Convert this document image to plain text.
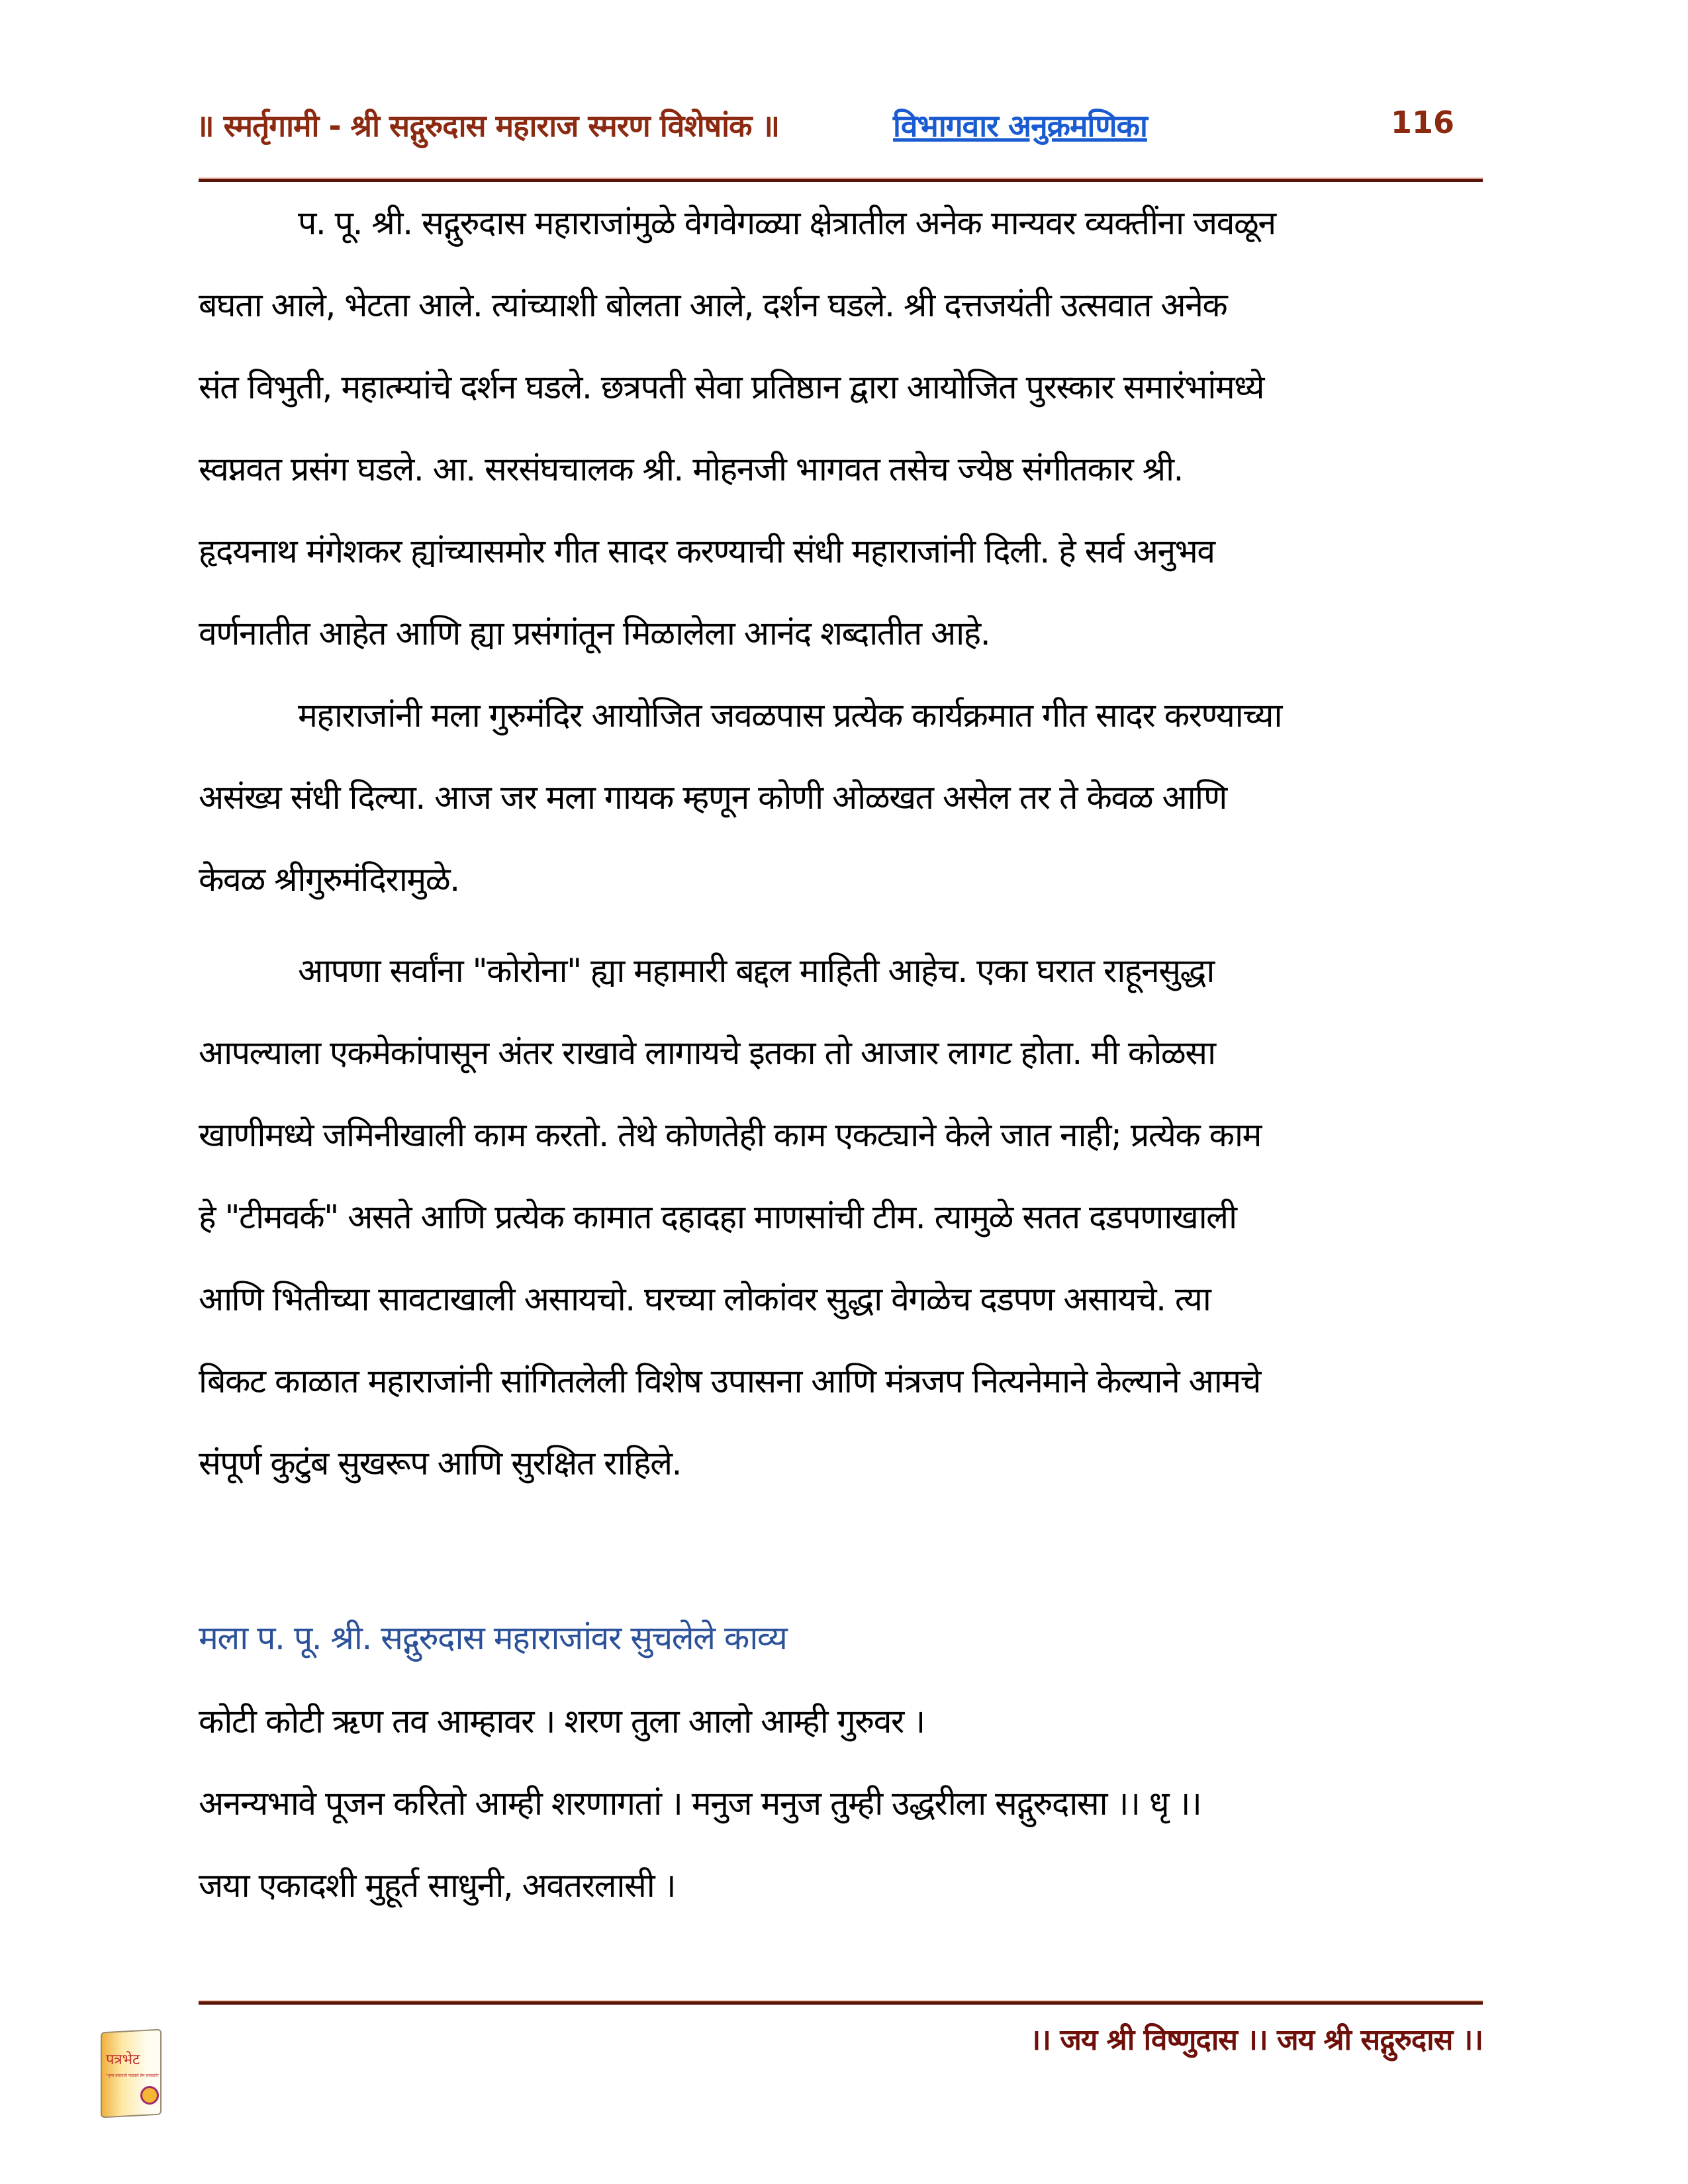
॥ स्मर्तृगामी - श्री सद्गुरुदास महाराज स्मरण विशेषांक ॥	विभागवार अनुक्रमणिका	116
प. पू. श्री. सद्गुरुदास महाराजांमुळे वेगवेगळ्या क्षेत्रातील अनेक मान्यवर व्यक्तींना जवळून
बघता आले, भेटता आले. त्यांच्याशी बोलता आले, दर्शन घडले. श्री दत्तजयंती उत्सवात अनेक
संत विभुती, महात्म्यांचे दर्शन घडले. छत्रपती सेवा प्रतिष्ठान द्वारा आयोजित पुरस्कार समारंभांमध्ये
स्वप्नवत प्रसंग घडले. आ. सरसंघचालक श्री. मोहनजी भागवत तसेच ज्येष्ठ संगीतकार श्री.
हृदयनाथ मंगेशकर ह्यांच्यासमोर गीत सादर करण्याची संधी महाराजांनी दिली. हे सर्व अनुभव
वर्णनातीत आहेत आणि ह्या प्रसंगांतून मिळालेला आनंद शब्दातीत आहे.
महाराजांनी मला गुरुमंदिर आयोजित जवळपास प्रत्येक कार्यक्रमात गीत सादर करण्याच्या
असंख्य संधी दिल्या. आज जर मला गायक म्हणून कोणी ओळखत असेल तर ते केवळ आणि
केवळ श्रीगुरुमंदिरामुळे.
आपणा सर्वांना "कोरोना" ह्या महामारी बद्दल माहिती आहेच. एका घरात राहूनसुद्धा
आपल्याला एकमेकांपासून अंतर राखावे लागायचे इतका तो आजार लागट होता. मी कोळसा
खाणीमध्ये जमिनीखाली काम करतो. तेथे कोणतेही काम एकट्याने केले जात नाही; प्रत्येक काम
हे "टीमवर्क" असते आणि प्रत्येक कामात दहादहा माणसांची टीम. त्यामुळे सतत दडपणाखाली
आणि भितीच्या सावटाखाली असायचो. घरच्या लोकांवर सुद्धा वेगळेच दडपण असायचे. त्या
बिकट काळात महाराजांनी सांगितलेली विशेष उपासना आणि मंत्रजप नित्यनेमाने केल्याने आमचे
संपूर्ण कुटुंब सुखरूप आणि सुरक्षित राहिले.
मला प. पू. श्री. सद्गुरुदास महाराजांवर सुचलेले काव्य
कोटी कोटी ऋण तव आम्हावर । शरण तुला आलो आम्ही गुरुवर ।
अनन्यभावे पूजन करितो आम्ही शरणागतां । मनुज मनुज तुम्ही उद्धरीला सद्गुरुदासा ।। धृ ।।
जया एकादशी मुहूर्त साधुनी, अवतरलासी ।
पत्रभेट
"कृपा प्रसादाचे पाठवले प्रेम संवादाचे"
।। जय श्री विष्णुदास ।। जय श्री सद्गुरुदास ।।
